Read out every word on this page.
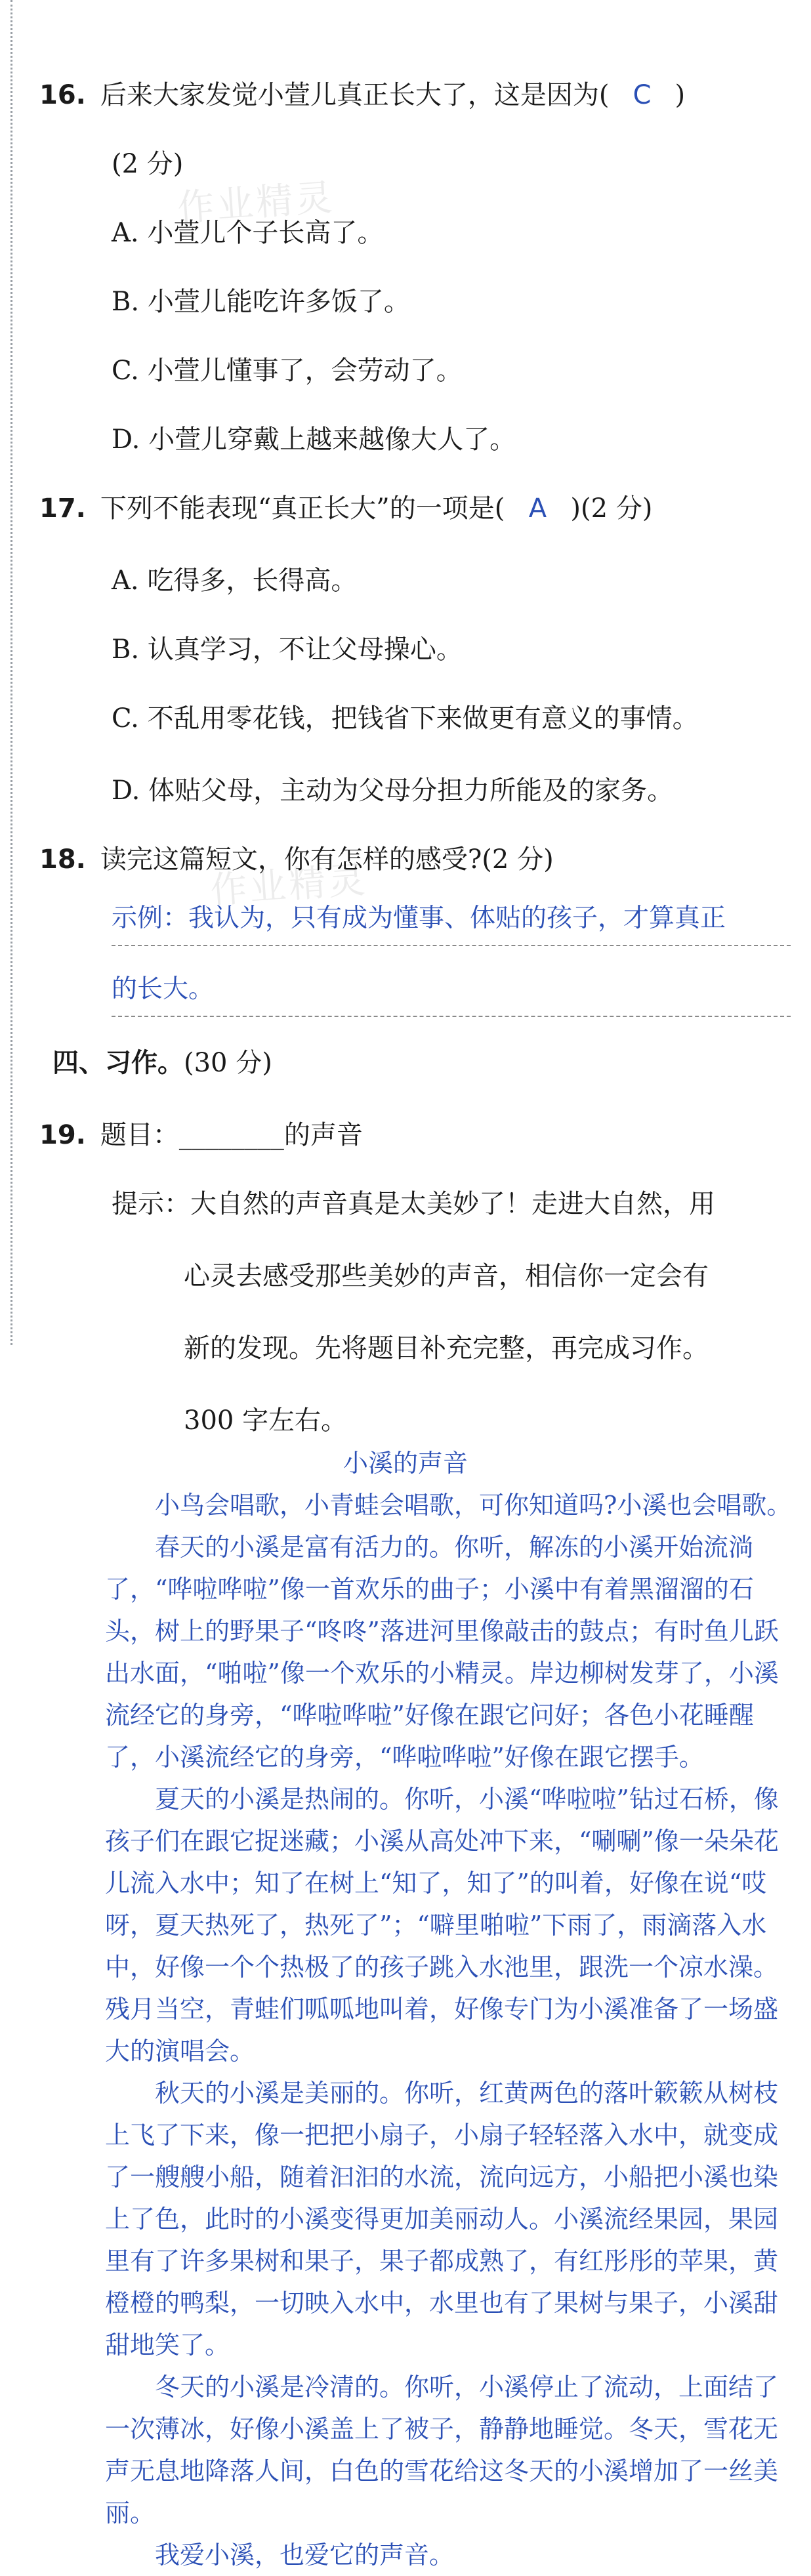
作业精灵
作业精灵
16. 后来大家发觉小萱儿真正长大了，这是因为( C )
(2 分)
A. 小萱儿个子长高了。
B. 小萱儿能吃许多饭了。
C. 小萱儿懂事了，会劳动了。
D. 小萱儿穿戴上越来越像大人了。
17. 下列不能表现“真正长大”的一项是( A )(2 分)
A. 吃得多，长得高。
B. 认真学习，不让父母操心。
C. 不乱用零花钱，把钱省下来做更有意义的事情。
D. 体贴父母，主动为父母分担力所能及的家务。
18. 读完这篇短文，你有怎样的感受?(2 分)
示例：我认为，只有成为懂事、体贴的孩子，才算真正
的长大。
四、习作。(30 分)
19. 题目：________的声音
提示：大自然的声音真是太美妙了！走进大自然，用
心灵去感受那些美妙的声音，相信你一定会有
新的发现。先将题目补充完整，再完成习作。
300 字左右。
小溪的声音

小鸟会唱歌，小青蛙会唱歌，可你知道吗?小溪也会唱歌。

春天的小溪是富有活力的。你听，解冻的小溪开始流淌了，“哗啦哗啦”像一首欢乐的曲子；小溪中有着黑溜溜的石头，树上的野果子“咚咚”落进河里像敲击的鼓点；有时鱼儿跃出水面，“啪啦”像一个欢乐的小精灵。岸边柳树发芽了，小溪流经它的身旁，“哗啦哗啦”好像在跟它问好；各色小花睡醒了，小溪流经它的身旁，“哗啦哗啦”好像在跟它摆手。

夏天的小溪是热闹的。你听，小溪“哗啦啦”钻过石桥，像孩子们在跟它捉迷藏；小溪从高处冲下来，“唰唰”像一朵朵花儿流入水中；知了在树上“知了，知了”的叫着，好像在说“哎呀，夏天热死了，热死了”；“噼里啪啦”下雨了，雨滴落入水中，好像一个个热极了的孩子跳入水池里，跟洗一个凉水澡。残月当空，青蛙们呱呱地叫着，好像专门为小溪准备了一场盛大的演唱会。

秋天的小溪是美丽的。你听，红黄两色的落叶簌簌从树枝上飞了下来，像一把把小扇子，小扇子轻轻落入水中，就变成了一艘艘小船，随着汩汩的水流，流向远方，小船把小溪也染上了色，此时的小溪变得更加美丽动人。小溪流经果园，果园里有了许多果树和果子，果子都成熟了，有红彤彤的苹果，黄橙橙的鸭梨，一切映入水中，水里也有了果树与果子，小溪甜甜地笑了。

冬天的小溪是冷清的。你听，小溪停止了流动，上面结了一次薄冰，好像小溪盖上了被子，静静地睡觉。冬天，雪花无声无息地降落人间，白色的雪花给这冬天的小溪增加了一丝美丽。

我爱小溪，也爱它的声音。
